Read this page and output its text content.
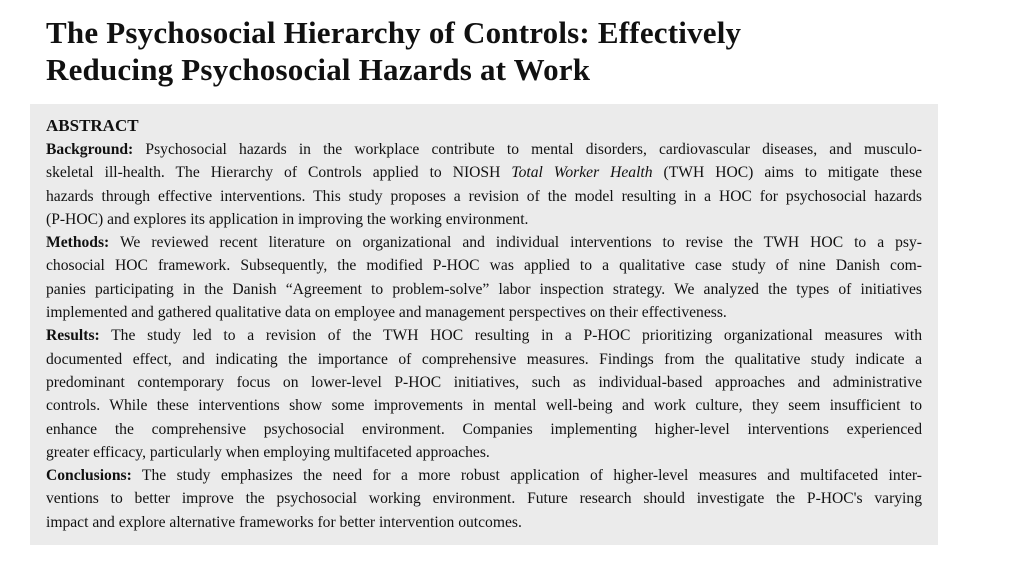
The Psychosocial Hierarchy of Controls: Effectively
Reducing Psychosocial Hazards at Work
ABSTRACT
Background: Psychosocial hazards in the workplace contribute to mental disorders, cardiovascular diseases, and musculo-
skeletal ill-health. The Hierarchy of Controls applied to NIOSH Total Worker Health (TWH HOC) aims to mitigate these
hazards through effective interventions. This study proposes a revision of the model resulting in a HOC for psychosocial hazards
(P-HOC) and explores its application in improving the working environment.
Methods: We reviewed recent literature on organizational and individual interventions to revise the TWH HOC to a psy-
chosocial HOC framework. Subsequently, the modified P-HOC was applied to a qualitative case study of nine Danish com-
panies participating in the Danish “Agreement to problem-solve” labor inspection strategy. We analyzed the types of initiatives
implemented and gathered qualitative data on employee and management perspectives on their effectiveness.
Results: The study led to a revision of the TWH HOC resulting in a P-HOC prioritizing organizational measures with
documented effect, and indicating the importance of comprehensive measures. Findings from the qualitative study indicate a
predominant contemporary focus on lower-level P-HOC initiatives, such as individual-based approaches and administrative
controls. While these interventions show some improvements in mental well-being and work culture, they seem insufficient to
enhance the comprehensive psychosocial environment. Companies implementing higher-level interventions experienced
greater efficacy, particularly when employing multifaceted approaches.
Conclusions: The study emphasizes the need for a more robust application of higher-level measures and multifaceted inter-
ventions to better improve the psychosocial working environment. Future research should investigate the P-HOC's varying
impact and explore alternative frameworks for better intervention outcomes.
